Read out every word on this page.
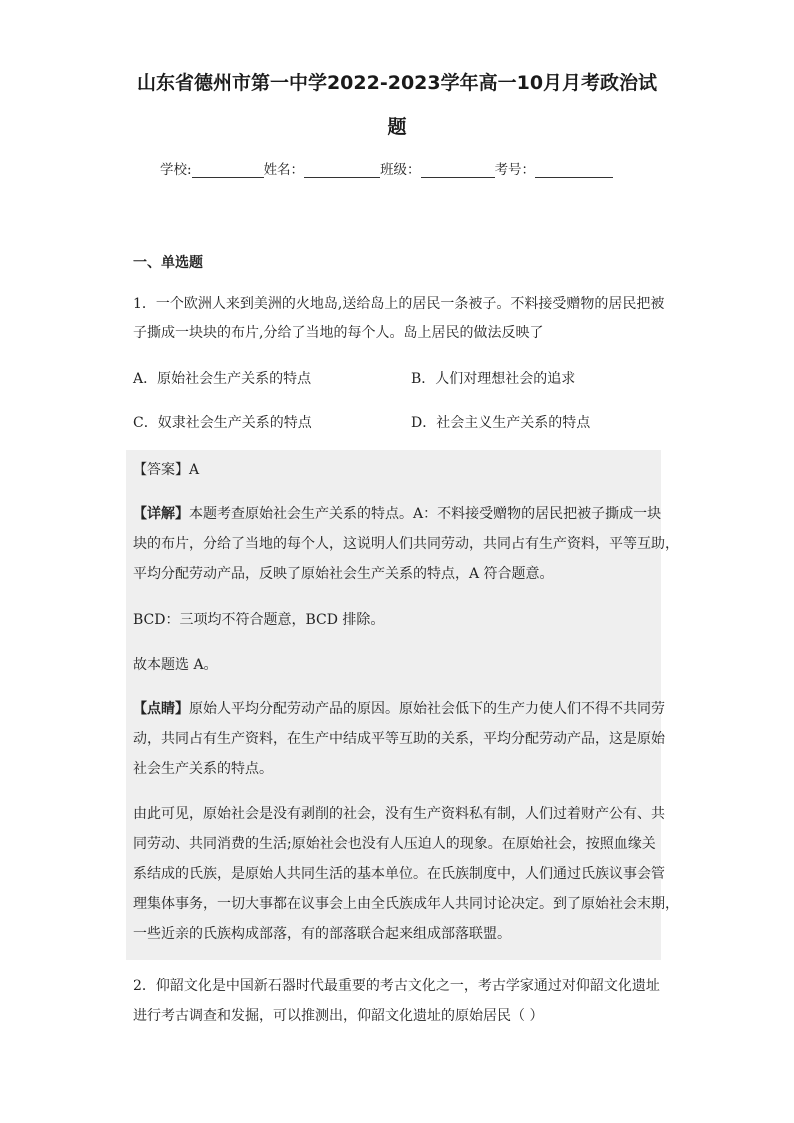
山东省德州市第一中学2022-2023学年高一10月月考政治试
题
学校:	姓名：	班级：	考号：
一、单选题
1．一个欧洲人来到美洲的火地岛,送给岛上的居民一条被子。不料接受赠物的居民把被
子撕成一块块的布片,分给了当地的每个人。岛上居民的做法反映了
A．原始社会生产关系的特点	B．人们对理想社会的追求
C．奴隶社会生产关系的特点	D．社会主义生产关系的特点
【答案】A
【详解】本题考查原始社会生产关系的特点。A：不料接受赠物的居民把被子撕成一块
块的布片，分给了当地的每个人，这说明人们共同劳动，共同占有生产资料，平等互助，
平均分配劳动产品，反映了原始社会生产关系的特点，A 符合题意。
BCD：三项均不符合题意，BCD 排除。
故本题选 A。
【点睛】原始人平均分配劳动产品的原因。原始社会低下的生产力使人们不得不共同劳
动，共同占有生产资料，在生产中结成平等互助的关系，平均分配劳动产品，这是原始
社会生产关系的特点。
由此可见，原始社会是没有剥削的社会，没有生产资料私有制，人们过着财产公有、共
同劳动、共同消费的生活;原始社会也没有人压迫人的现象。在原始社会，按照血缘关
系结成的氏族，是原始人共同生活的基本单位。在氏族制度中，人们通过氏族议事会管
理集体事务，一切大事都在议事会上由全氏族成年人共同讨论决定。到了原始社会末期，
一些近亲的氏族构成部落，有的部落联合起来组成部落联盟。
2．仰韶文化是中国新石器时代最重要的考古文化之一，考古学家通过对仰韶文化遗址
进行考古调查和发掘，可以推测出，仰韶文化遗址的原始居民（ ）
